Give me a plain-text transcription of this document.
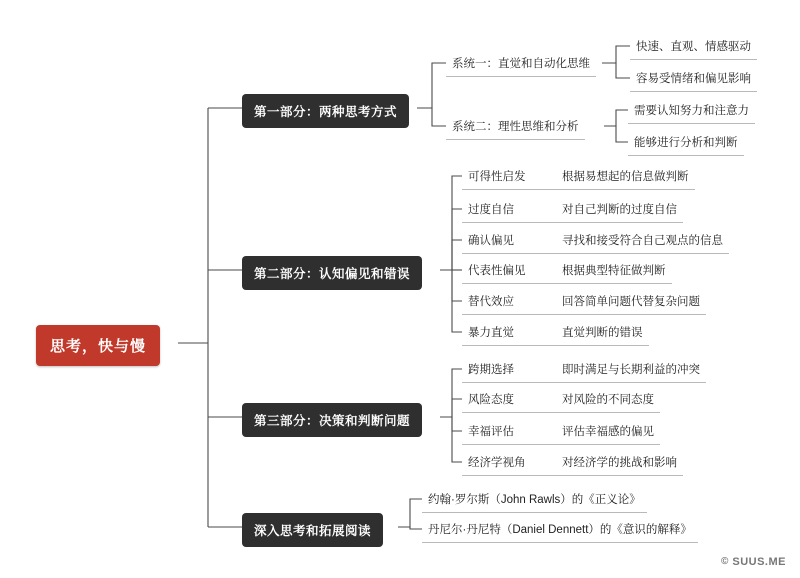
思考，快与慢
第一部分：两种思考方式
系统一：直觉和自动化思维
系统二：理性思维和分析
快速、直观、情感驱动
容易受情绪和偏见影响
需要认知努力和注意力
能够进行分析和判断
第二部分：认知偏见和错误
可得性启发	根据易想起的信息做判断
过度自信	对自己判断的过度自信
确认偏见	寻找和接受符合自己观点的信息
代表性偏见	根据典型特征做判断
替代效应	回答简单问题代替复杂问题
暴力直觉	直觉判断的错误
第三部分：决策和判断问题
跨期选择	即时满足与长期利益的冲突
风险态度	对风险的不同态度
幸福评估	评估幸福感的偏见
经济学视角	对经济学的挑战和影响
深入思考和拓展阅读
约翰·罗尔斯（John Rawls）的《正义论》
丹尼尔·丹尼特（Daniel Dennett）的《意识的解释》
© SUUS.ME
